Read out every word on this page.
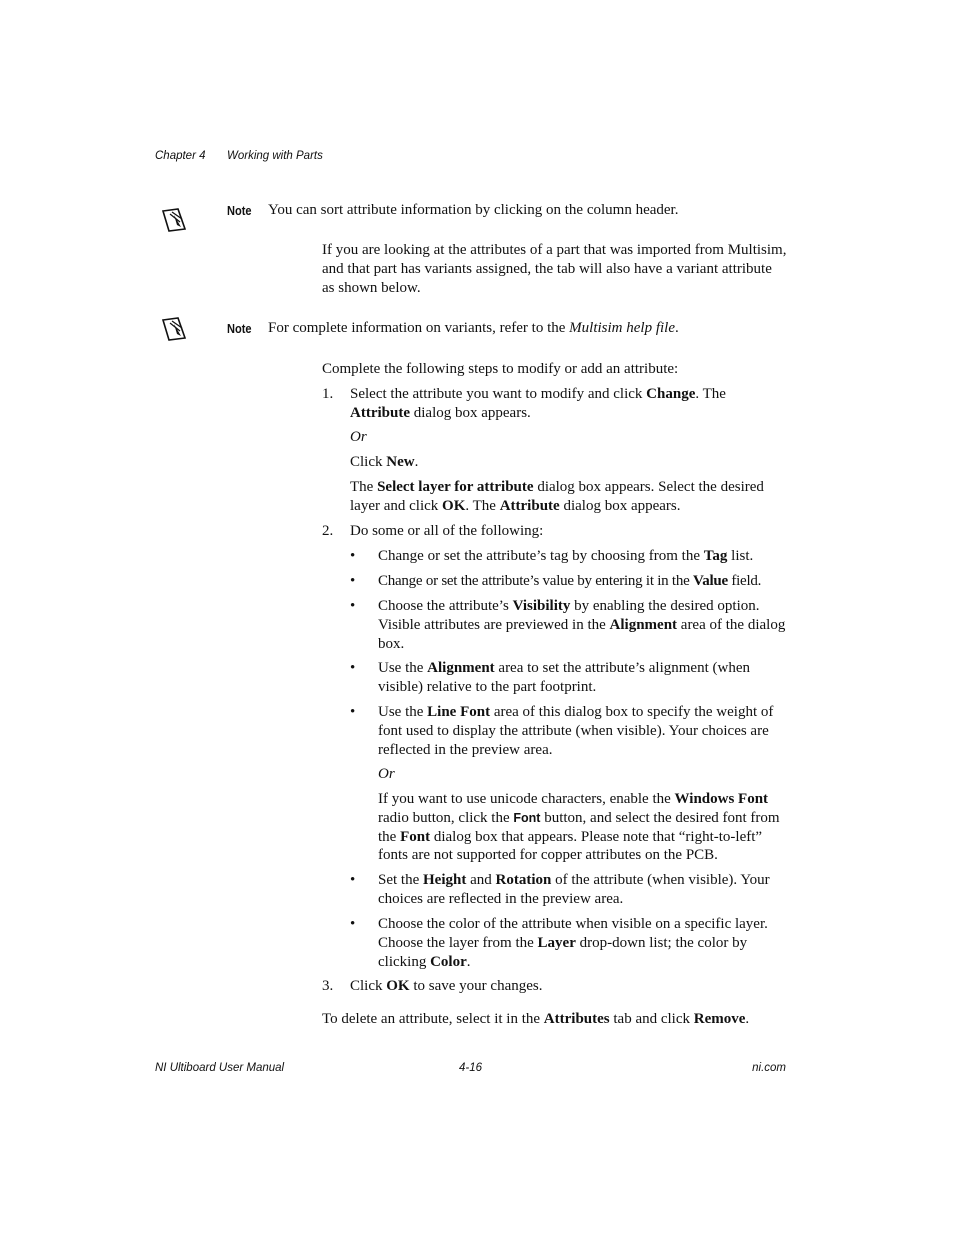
Chapter 4 Working with Parts
Note You can sort attribute information by clicking on the column header.
If you are looking at the attributes of a part that was imported from Multisim, and that part has variants assigned, the tab will also have a variant attribute as shown below.
Note For complete information on variants, refer to the Multisim help file.
Complete the following steps to modify or add an attribute:
1. Select the attribute you want to modify and click Change. The Attribute dialog box appears.
Or
Click New.
The Select layer for attribute dialog box appears. Select the desired layer and click OK. The Attribute dialog box appears.
2. Do some or all of the following:
• Change or set the attribute’s tag by choosing from the Tag list.
• Change or set the attribute’s value by entering it in the Value field.
• Choose the attribute’s Visibility by enabling the desired option. Visible attributes are previewed in the Alignment area of the dialog box.
• Use the Alignment area to set the attribute’s alignment (when visible) relative to the part footprint.
• Use the Line Font area of this dialog box to specify the weight of font used to display the attribute (when visible). Your choices are reflected in the preview area.
Or
If you want to use unicode characters, enable the Windows Font radio button, click the Font button, and select the desired font from the Font dialog box that appears. Please note that “right-to-left” fonts are not supported for copper attributes on the PCB.
• Set the Height and Rotation of the attribute (when visible). Your choices are reflected in the preview area.
• Choose the color of the attribute when visible on a specific layer. Choose the layer from the Layer drop-down list; the color by clicking Color.
3. Click OK to save your changes.
To delete an attribute, select it in the Attributes tab and click Remove.
NI Ultiboard User Manual	4-16	ni.com
